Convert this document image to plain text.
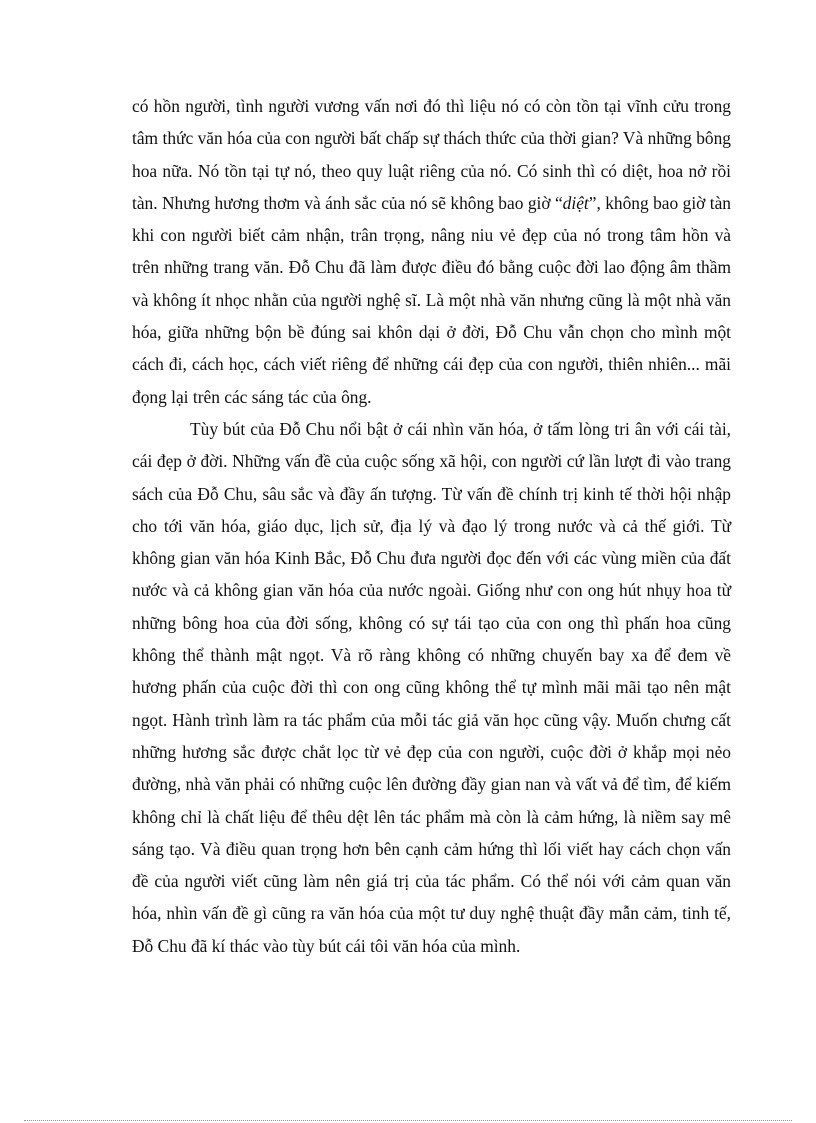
có hồn người, tình người vương vấn nơi đó thì liệu nó có còn tồn tại vĩnh cửu trong tâm thức văn hóa của con người bất chấp sự thách thức của thời gian? Và những bông hoa nữa. Nó tồn tại tự nó, theo quy luật riêng của nó. Có sinh thì có diệt, hoa nở rồi tàn. Nhưng hương thơm và ánh sắc của nó sẽ không bao giờ “diệt”, không bao giờ tàn khi con người biết cảm nhận, trân trọng, nâng niu vẻ đẹp của nó trong tâm hồn và trên những trang văn. Đỗ Chu đã làm được điều đó bằng cuộc đời lao động âm thầm và không ít nhọc nhằn của người nghệ sĩ. Là một nhà văn nhưng cũng là một nhà văn hóa, giữa những bộn bề đúng sai khôn dại ở đời, Đỗ Chu vẫn chọn cho mình một cách đi, cách học, cách viết riêng để những cái đẹp của con người, thiên nhiên... mãi đọng lại trên các sáng tác của ông.

Tùy bút của Đỗ Chu nổi bật ở cái nhìn văn hóa, ở tấm lòng tri ân với cái tài, cái đẹp ở đời. Những vấn đề của cuộc sống xã hội, con người cứ lần lượt đi vào trang sách của Đỗ Chu, sâu sắc và đầy ấn tượng. Từ vấn đề chính trị kinh tế thời hội nhập cho tới văn hóa, giáo dục, lịch sử, địa lý và đạo lý trong nước và cả thế giới. Từ không gian văn hóa Kinh Bắc, Đỗ Chu đưa người đọc đến với các vùng miền của đất nước và cả không gian văn hóa của nước ngoài. Giống như con ong hút nhụy hoa từ những bông hoa của đời sống, không có sự tái tạo của con ong thì phấn hoa cũng không thể thành mật ngọt. Và rõ ràng không có những chuyến bay xa để đem về hương phấn của cuộc đời thì con ong cũng không thể tự mình mãi mãi tạo nên mật ngọt. Hành trình làm ra tác phẩm của mỗi tác giả văn học cũng vậy. Muốn chưng cất những hương sắc được chắt lọc từ vẻ đẹp của con người, cuộc đời ở khắp mọi nẻo đường, nhà văn phải có những cuộc lên đường đầy gian nan và vất vả để tìm, để kiếm không chỉ là chất liệu để thêu dệt lên tác phẩm mà còn là cảm hứng, là niềm say mê sáng tạo. Và điều quan trọng hơn bên cạnh cảm hứng thì lối viết hay cách chọn vấn đề của người viết cũng làm nên giá trị của tác phẩm. Có thể nói với cảm quan văn hóa, nhìn vấn đề gì cũng ra văn hóa của một tư duy nghệ thuật đầy mẫn cảm, tinh tế, Đỗ Chu đã kí thác vào tùy bút cái tôi văn hóa của mình.
